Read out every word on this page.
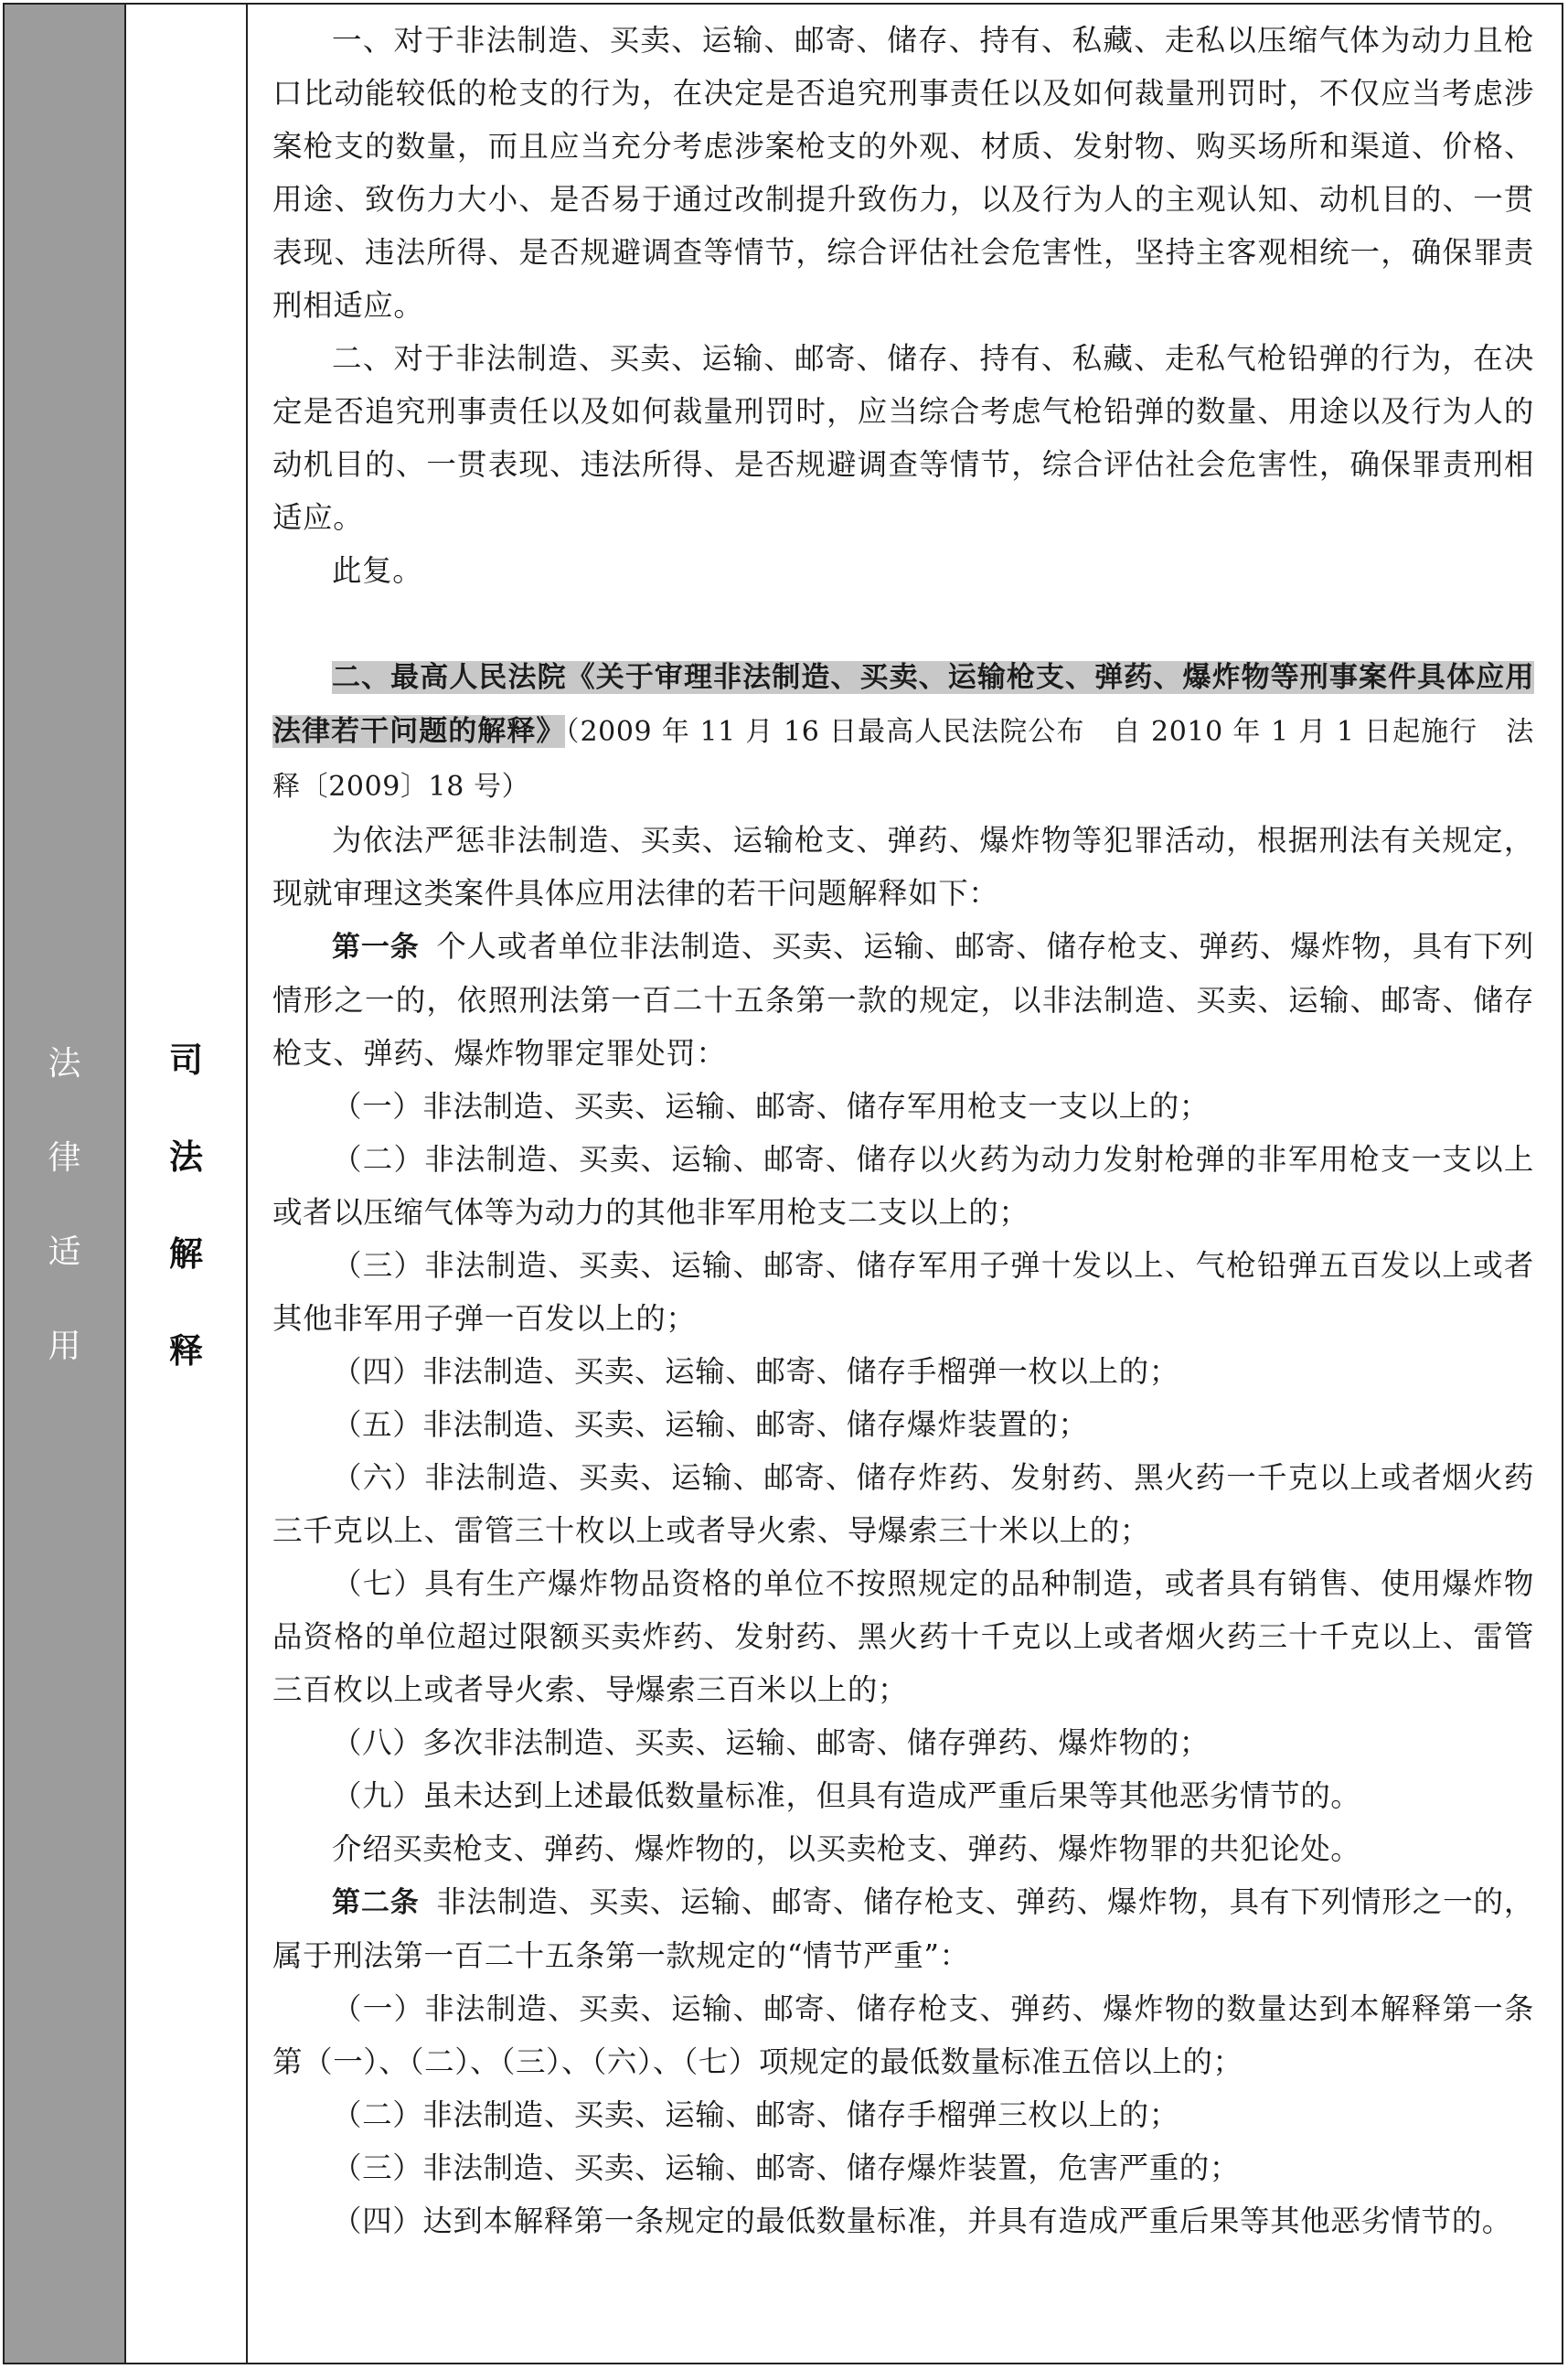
法
律
适
用
司
法
解
释

一、对于非法制造、买卖、运输、邮寄、储存、持有、私藏、走私以压缩气体为动力且枪口比动能较低的枪支的行为，在决定是否追究刑事责任以及如何裁量刑罚时，不仅应当考虑涉案枪支的数量，而且应当充分考虑涉案枪支的外观、材质、发射物、购买场所和渠道、价格、用途、致伤力大小、是否易于通过改制提升致伤力，以及行为人的主观认知、动机目的、一贯表现、违法所得、是否规避调查等情节，综合评估社会危害性，坚持主客观相统一，确保罪责刑相适应。

二、对于非法制造、买卖、运输、邮寄、储存、持有、私藏、走私气枪铅弹的行为，在决定是否追究刑事责任以及如何裁量刑罚时，应当综合考虑气枪铅弹的数量、用途以及行为人的动机目的、一贯表现、违法所得、是否规避调查等情节，综合评估社会危害性，确保罪责刑相适应。

此复。

二、最高人民法院《关于审理非法制造、买卖、运输枪支、弹药、爆炸物等刑事案件具体应用法律若干问题的解释》（2009 年 11 月 16 日最高人民法院公布　自 2010 年 1 月 1 日起施行　法释〔2009〕18 号）

为依法严惩非法制造、买卖、运输枪支、弹药、爆炸物等犯罪活动，根据刑法有关规定，现就审理这类案件具体应用法律的若干问题解释如下：

第一条 个人或者单位非法制造、买卖、运输、邮寄、储存枪支、弹药、爆炸物，具有下列情形之一的，依照刑法第一百二十五条第一款的规定，以非法制造、买卖、运输、邮寄、储存枪支、弹药、爆炸物罪定罪处罚：

（一）非法制造、买卖、运输、邮寄、储存军用枪支一支以上的；

（二）非法制造、买卖、运输、邮寄、储存以火药为动力发射枪弹的非军用枪支一支以上或者以压缩气体等为动力的其他非军用枪支二支以上的；

（三）非法制造、买卖、运输、邮寄、储存军用子弹十发以上、气枪铅弹五百发以上或者其他非军用子弹一百发以上的；

（四）非法制造、买卖、运输、邮寄、储存手榴弹一枚以上的；

（五）非法制造、买卖、运输、邮寄、储存爆炸装置的；

（六）非法制造、买卖、运输、邮寄、储存炸药、发射药、黑火药一千克以上或者烟火药三千克以上、雷管三十枚以上或者导火索、导爆索三十米以上的；

（七）具有生产爆炸物品资格的单位不按照规定的品种制造，或者具有销售、使用爆炸物品资格的单位超过限额买卖炸药、发射药、黑火药十千克以上或者烟火药三十千克以上、雷管三百枚以上或者导火索、导爆索三百米以上的；

（八）多次非法制造、买卖、运输、邮寄、储存弹药、爆炸物的；

（九）虽未达到上述最低数量标准，但具有造成严重后果等其他恶劣情节的。

介绍买卖枪支、弹药、爆炸物的，以买卖枪支、弹药、爆炸物罪的共犯论处。

第二条 非法制造、买卖、运输、邮寄、储存枪支、弹药、爆炸物，具有下列情形之一的，属于刑法第一百二十五条第一款规定的“情节严重”：

（一）非法制造、买卖、运输、邮寄、储存枪支、弹药、爆炸物的数量达到本解释第一条第（一）、（二）、（三）、（六）、（七）项规定的最低数量标准五倍以上的；

（二）非法制造、买卖、运输、邮寄、储存手榴弹三枚以上的；

（三）非法制造、买卖、运输、邮寄、储存爆炸装置，危害严重的；

（四）达到本解释第一条规定的最低数量标准，并具有造成严重后果等其他恶劣情节的。
